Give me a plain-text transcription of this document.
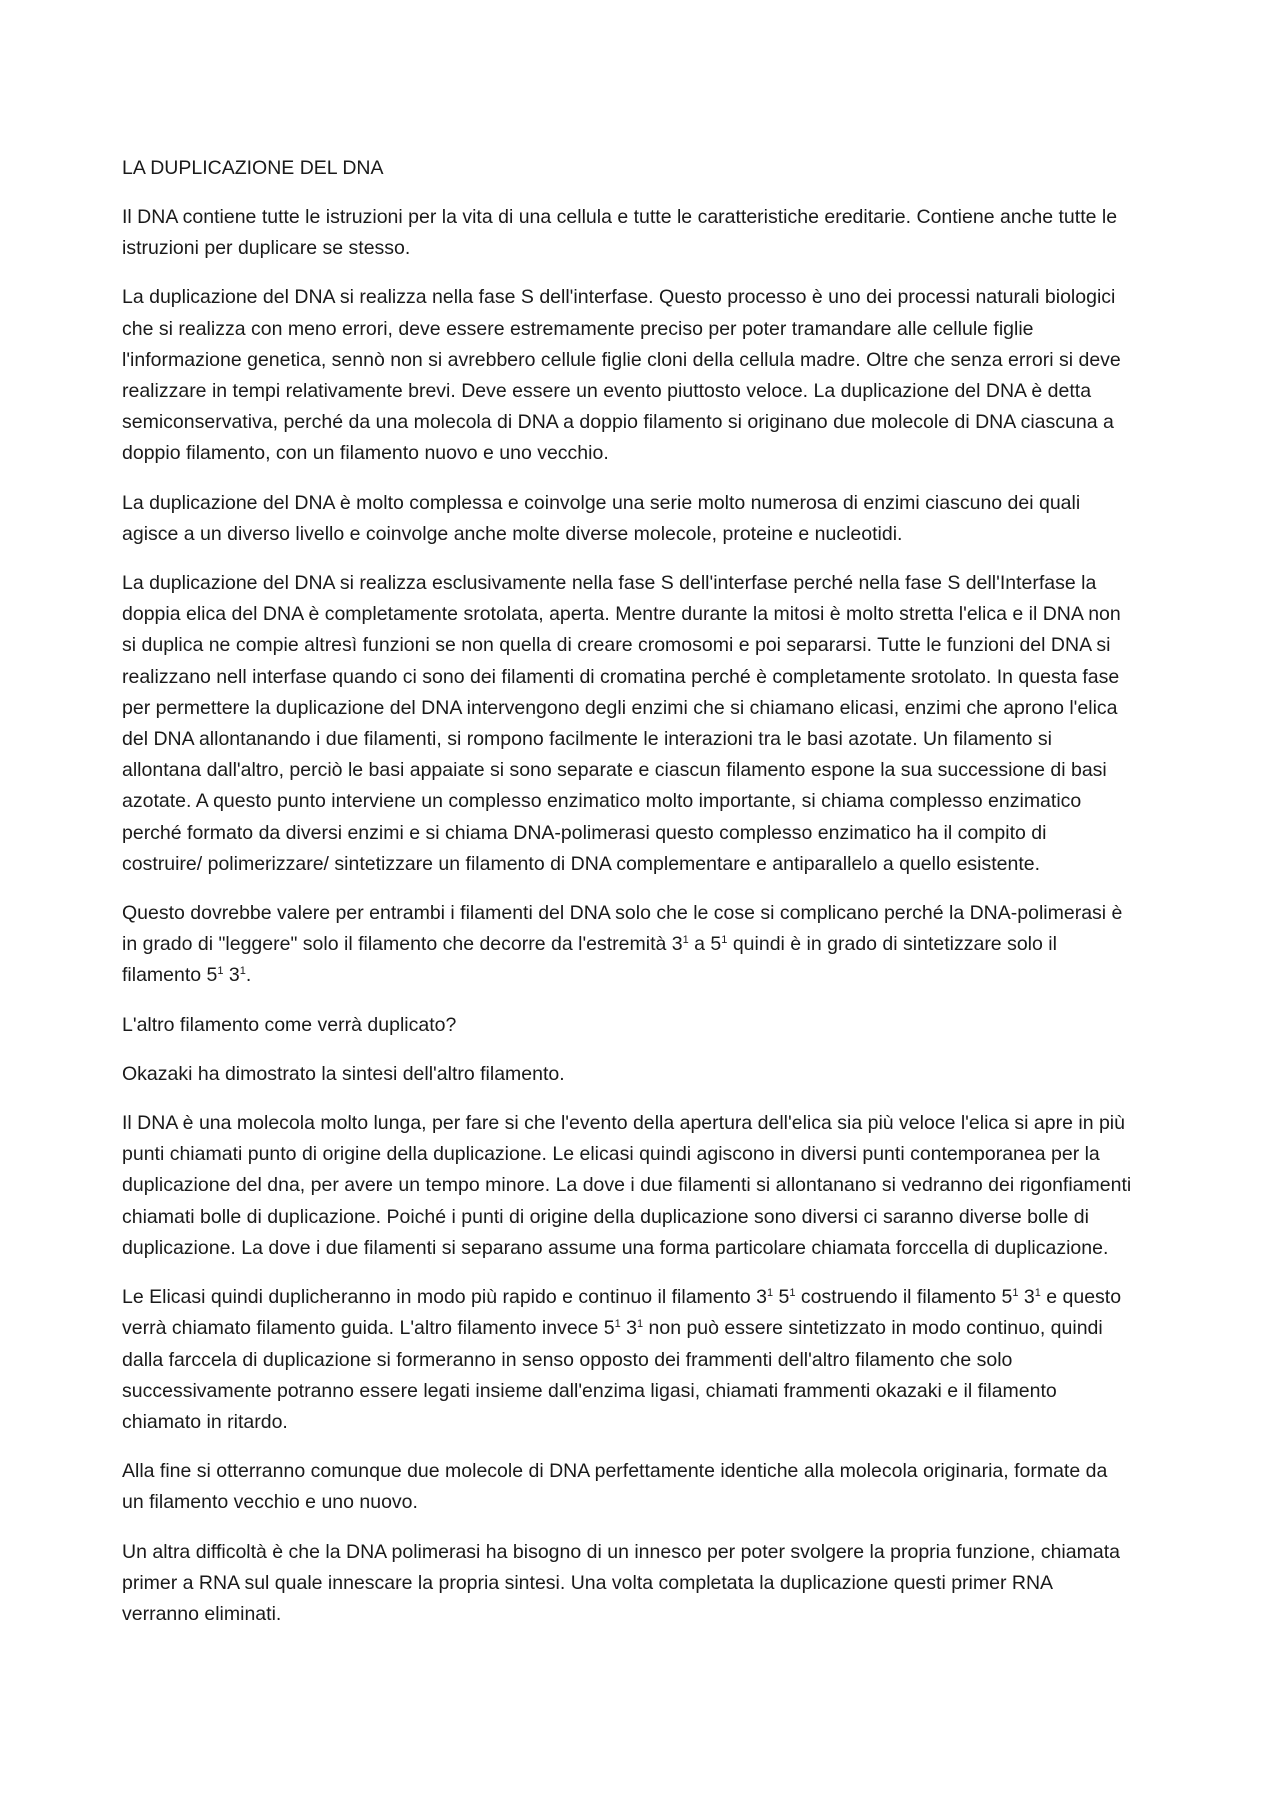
LA DUPLICAZIONE DEL DNA

Il DNA contiene tutte le istruzioni per la vita di una cellula e tutte le caratteristiche ereditarie. Contiene anche tutte le istruzioni per duplicare se stesso.

La duplicazione del DNA si realizza nella fase S dell'interfase. Questo processo è uno dei processi naturali biologici che si realizza con meno errori, deve essere estremamente preciso per poter tramandare alle cellule figlie l'informazione genetica, sennò non si avrebbero cellule figlie cloni della cellula madre. Oltre che senza errori si deve realizzare in tempi relativamente brevi. Deve essere un evento piuttosto veloce. La duplicazione del DNA è detta semiconservativa, perché da una molecola di DNA a doppio filamento si originano due molecole di DNA ciascuna a doppio filamento, con un filamento nuovo e uno vecchio.

La duplicazione del DNA è molto complessa e coinvolge una serie molto numerosa di enzimi ciascuno dei quali agisce a un diverso livello e coinvolge anche molte diverse molecole, proteine e nucleotidi.

La duplicazione del DNA si realizza esclusivamente nella fase S dell'interfase perché nella fase S dell'Interfase la doppia elica del DNA è completamente srotolata, aperta. Mentre durante la mitosi è molto stretta l'elica e il DNA non si duplica ne compie altresì funzioni se non quella di creare cromosomi e poi separarsi. Tutte le funzioni del DNA si realizzano nell interfase quando ci sono dei filamenti di cromatina perché è completamente srotolato. In questa fase per permettere la duplicazione del DNA intervengono degli enzimi che si chiamano elicasi, enzimi che aprono l'elica del DNA allontanando i due filamenti, si rompono facilmente le interazioni tra le basi azotate. Un filamento si allontana dall'altro, perciò le basi appaiate si sono separate e ciascun filamento espone la sua successione di basi azotate. A questo punto interviene un complesso enzimatico molto importante, si chiama complesso enzimatico perché formato da diversi enzimi e si chiama DNA-polimerasi questo complesso enzimatico ha il compito di costruire/ polimerizzare/ sintetizzare un filamento di DNA complementare e antiparallelo a quello esistente.

Questo dovrebbe valere per entrambi i filamenti del DNA solo che le cose si complicano perché la DNA-polimerasi è in grado di "leggere" solo il filamento che decorre da l'estremità $3^1$ a $5^1$ quindi è in grado di sintetizzare solo il filamento $5^1$ $3^1$.

L'altro filamento come verrà duplicato?

Okazaki ha dimostrato la sintesi dell'altro filamento.

Il DNA è una molecola molto lunga, per fare si che l'evento della apertura dell'elica sia più veloce l'elica si apre in più punti chiamati punto di origine della duplicazione. Le elicasi quindi agiscono in diversi punti contemporanea per la duplicazione del dna, per avere un tempo minore. La dove i due filamenti si allontanano si vedranno dei rigonfiamenti chiamati bolle di duplicazione. Poiché i punti di origine della duplicazione sono diversi ci saranno diverse bolle di duplicazione. La dove i due filamenti si separano assume una forma particolare chiamata forccella di duplicazione.

Le Elicasi quindi duplicheranno in modo più rapido e continuo il filamento $3^1$ $5^1$ costruendo il filamento $5^1$ $3^1$ e questo verrà chiamato filamento guida. L'altro filamento invece $5^1$ $3^1$ non può essere sintetizzato in modo continuo, quindi dalla farccela di duplicazione si formeranno in senso opposto dei frammenti dell'altro filamento che solo successivamente potranno essere legati insieme dall'enzima ligasi, chiamati frammenti okazaki e il filamento chiamato in ritardo.

Alla fine si otterranno comunque due molecole di DNA perfettamente identiche alla molecola originaria, formate da un filamento vecchio e uno nuovo.

Un altra difficoltà è che la DNA polimerasi ha bisogno di un innesco per poter svolgere la propria funzione, chiamata primer a RNA sul quale innescare la propria sintesi. Una volta completata la duplicazione questi primer RNA verranno eliminati.
